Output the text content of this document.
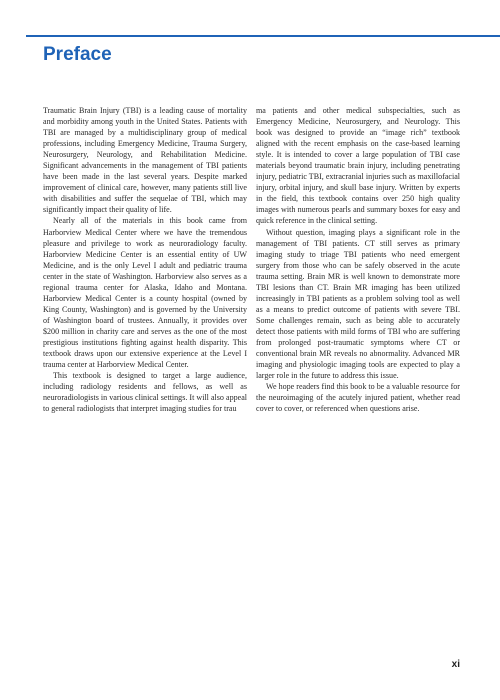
Preface

Traumatic Brain Injury (TBI) is a leading cause of mortality and morbidity among youth in the United States. Patients with TBI are managed by a multidisciplinary group of medical professions, including Emergency Medicine, Trauma Surgery, Neurosurgery, Neurology, and Rehabilitation Medicine. Significant advancements in the management of TBI patients have been made in the last several years. Despite marked improvement of clinical care, however, many patients still live with disabilities and suffer the sequelae of TBI, which may significantly impact their quality of life.

Nearly all of the materials in this book came from Harborview Medical Center where we have the tremendous pleasure and privilege to work as neuroradiology faculty. Harborview Medicine Center is an essential entity of UW Medicine, and is the only Level I adult and pediatric trauma center in the state of Washington. Harborview also serves as a regional trauma center for Alaska, Idaho and Montana. Harborview Medical Center is a county hospital (owned by King County, Washington) and is governed by the University of Washington board of trustees. Annually, it provides over $200 million in charity care and serves as the one of the most prestigious institutions fighting against health disparity. This textbook draws upon our extensive experience at the Level I trauma center at Harborview Medical Center.

This textbook is designed to target a large audience, including radiology residents and fellows, as well as neuroradiologists in various clinical settings. It will also appeal to general radiologists that interpret imaging studies for trau

ma patients and other medical subspecialties, such as Emergency Medicine, Neurosurgery, and Neurology. This book was designed to provide an “image rich” textbook aligned with the recent emphasis on the case-based learning style. It is intended to cover a large population of TBI case materials beyond traumatic brain injury, including penetrating injury, pediatric TBI, extracranial injuries such as maxillofacial injury, orbital injury, and skull base injury. Written by experts in the field, this textbook contains over 250 high quality images with numerous pearls and summary boxes for easy and quick reference in the clinical setting.

Without question, imaging plays a significant role in the management of TBI patients. CT still serves as primary imaging study to triage TBI patients who need emergent surgery from those who can be safely observed in the acute trauma setting. Brain MR is well known to demonstrate more TBI lesions than CT. Brain MR imaging has been utilized increasingly in TBI patients as a problem solving tool as well as a means to predict outcome of patients with severe TBI. Some challenges remain, such as being able to accurately detect those patients with mild forms of TBI who are suffering from prolonged post-traumatic symptoms where CT or conventional brain MR reveals no abnormality. Advanced MR imaging and physiologic imaging tools are expected to play a larger role in the future to address this issue.

We hope readers find this book to be a valuable resource for the neuroimaging of the acutely injured patient, whether read cover to cover, or referenced when questions arise.

xi
